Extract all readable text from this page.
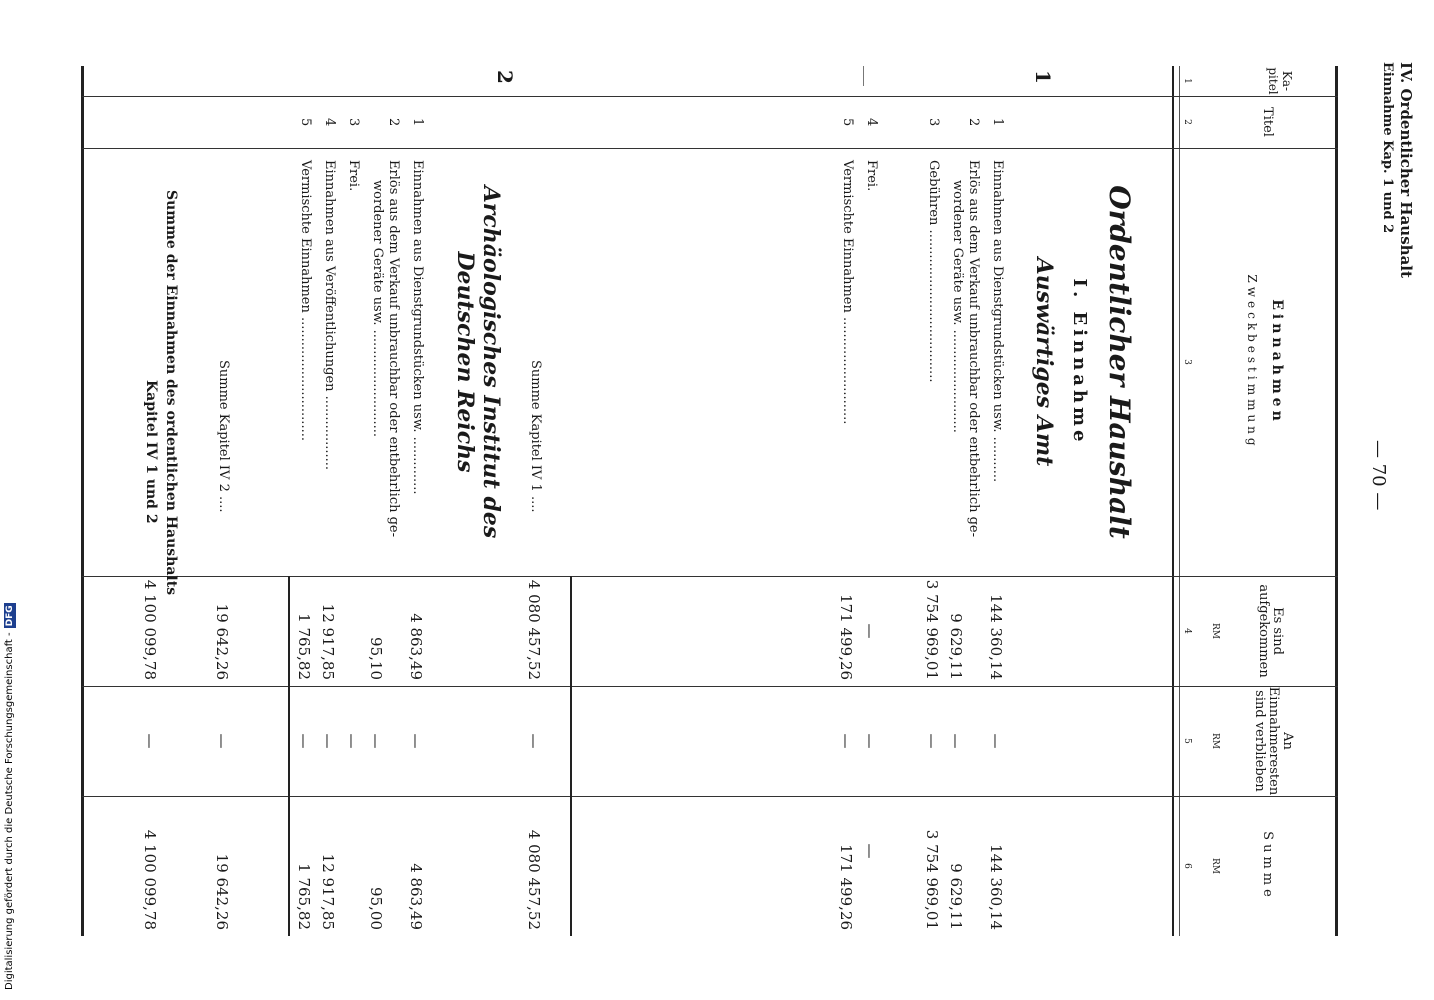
IV. Ordentlicher Haushalt
Einnahme Kap. 1 und 2
— 70 —
Ka-
pitel
Titel
Einnahmen
Zweckbestimmung
Es sind
aufgekommen
An
Einnahmeresten
sind verblieben
Summe
RM
RM
RM
1
2
3
4
5
6
Ordentlicher Haushalt
I. Einnahme
1
Auswärtiges Amt
1
Einnahmen aus Dienstgrundstücken usw. ...........
144 360,14
—
144 360,14
2
Erlös aus dem Verkauf unbrauchbar oder entbehrlich ge-
wordener Geräte usw. .........................
9 629,11
—
9 629,11
3
Gebühren .....................................
3 754 969,01
—
3 754 969,01
4
Frei.
—
—
—
5
Vermischte Einnahmen ..........................
171 499,26
—
171 499,26
Summe Kapitel IV 1 ....
4 080 457,52
—
4 080 457,52
2
Archäologisches Institut des
Deutschen Reichs
1
Einnahmen aus Dienstgrundstücken usw. ..............
4 863,49
—
4 863,49
2
Erlös aus dem Verkauf unbrauchbar oder entbehrlich ge-
wordener Geräte usw. ..........................
95,10
—
95,00
3
Frei.
—
4
Einnahmen aus Veröffentlichungen ..................
12 917,85
—
12 917,85
5
Vermischte Einnahmen ..............................
1 765,82
—
1 765,82
Summe Kapitel IV 2 ....
19 642,26
—
19 642,26
Summe der Einnahmen des ordentlichen Haushalts
Kapitel IV 1 und 2
4 100 099,78
—
4 100 099,78
Digitalisierung gefördert durch die Deutsche Forschungsgemeinschaft -DFG
